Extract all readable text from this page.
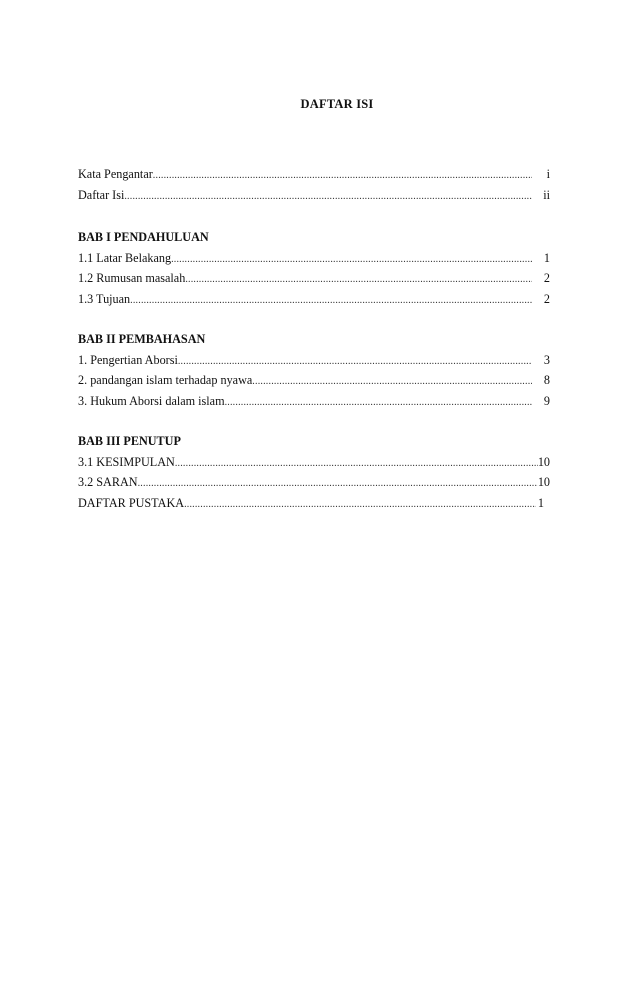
DAFTAR ISI
Kata Pengantar .....	i
Daftar Isi .....	ii
BAB I PENDAHULUAN
1.1 Latar Belakang .....	1
1.2 Rumusan masalah .....	2
1.3 Tujuan .....	2
BAB II PEMBAHASAN
1. Pengertian Aborsi .....	3
2. pandangan islam terhadap nyawa .....	8
3. Hukum Aborsi dalam islam .....	9
BAB III PENUTUP
3.1 KESIMPULAN .....	10
3.2 SARAN .....	10
DAFTAR PUSTAKA .....	1
